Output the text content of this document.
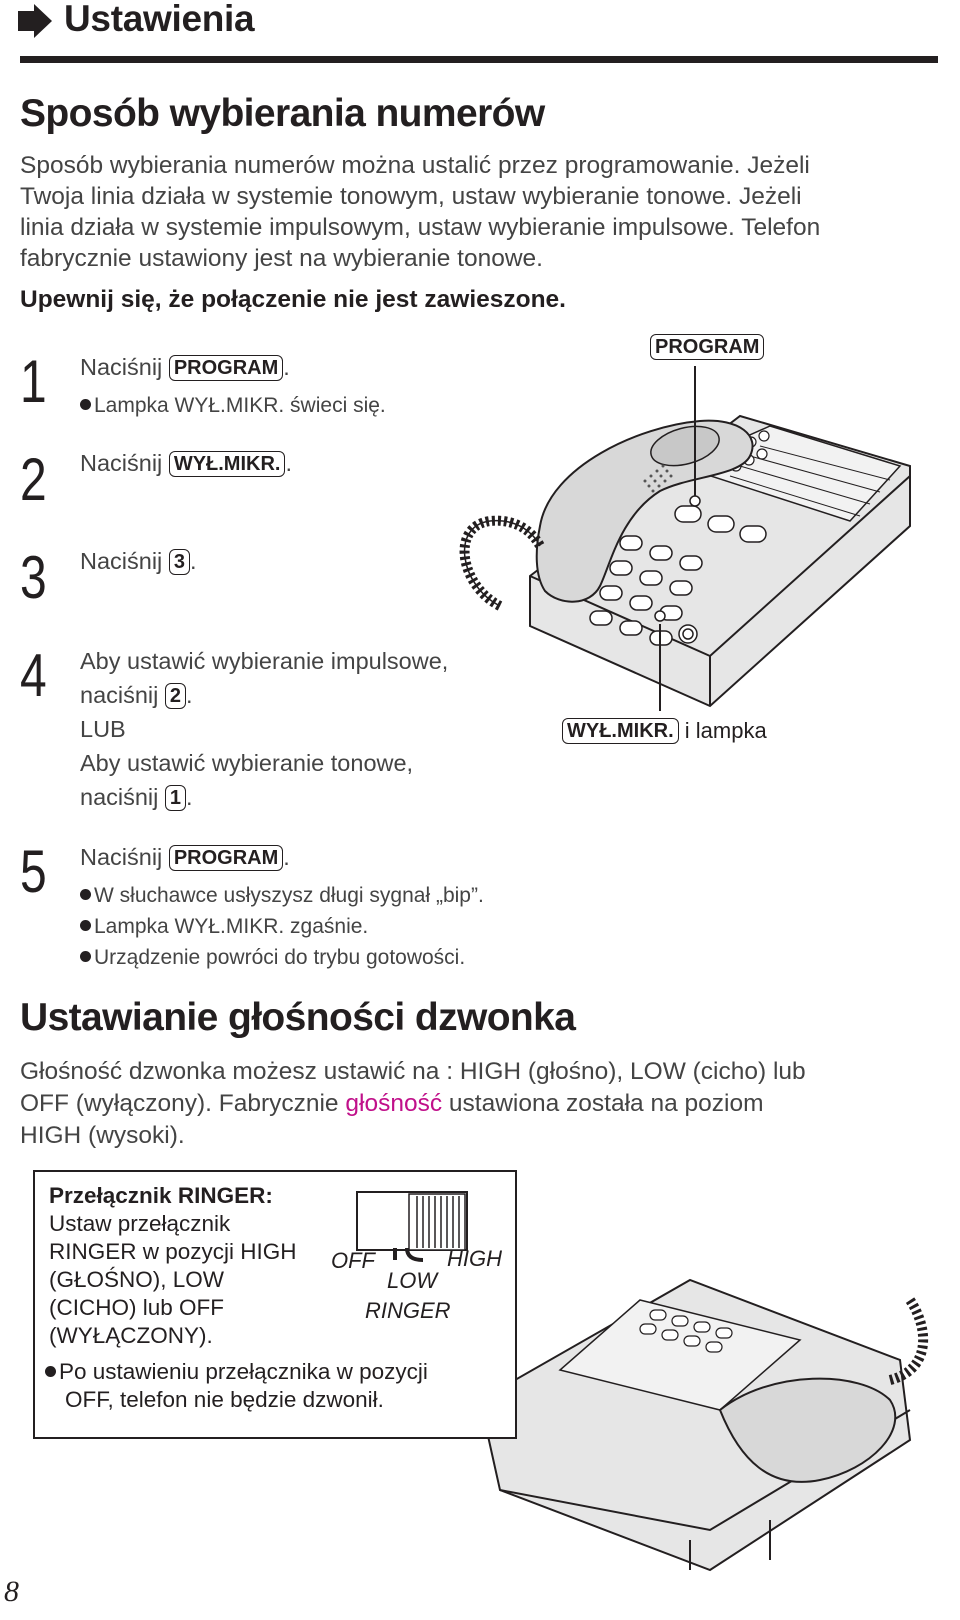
Ustawienia
Sposób wybierania numerów
Sposób wybierania numerów można ustalić przez programowanie. Jeżeli
Twoja linia działa w systemie tonowym, ustaw wybieranie tonowe. Jeżeli
linia działa w systemie impulsowym, ustaw wybieranie impulsowe. Telefon
fabrycznie ustawiony jest na wybieranie tonowe.
Upewnij się, że połączenie nie jest zawieszone.
1 Naciśnij PROGRAM .
Lampka WYŁ.MIKR. świeci się.
2 Naciśnij WYŁ.MIKR. .
3 Naciśnij 3 .
4 Aby ustawić wybieranie impulsowe,
naciśnij 2 .
LUB
Aby ustawić wybieranie tonowe,
naciśnij 1 .
5 Naciśnij PROGRAM .
W słuchawce usłyszysz długi sygnał „bip”.
Lampka WYŁ.MIKR. zgaśnie.
Urządzenie powróci do trybu gotowości.
PROGRAM
WYŁ.MIKR. i lampka
Ustawianie głośności dzwonka
Głośność dzwonka możesz ustawić na : HIGH (głośno), LOW (cicho) lub
OFF (wyłączony). Fabrycznie głośność ustawiona została na poziom
HIGH (wysoki).
Przełącznik RINGER:
Ustaw przełącznik
RINGER w pozycji HIGH
(GŁOŚNO), LOW
(CICHO) lub OFF
(WYŁĄCZONY).
Po ustawieniu przełącznika w pozycji
OFF, telefon nie będzie dzwonił.
OFF	HIGH
LOW
RINGER
8
